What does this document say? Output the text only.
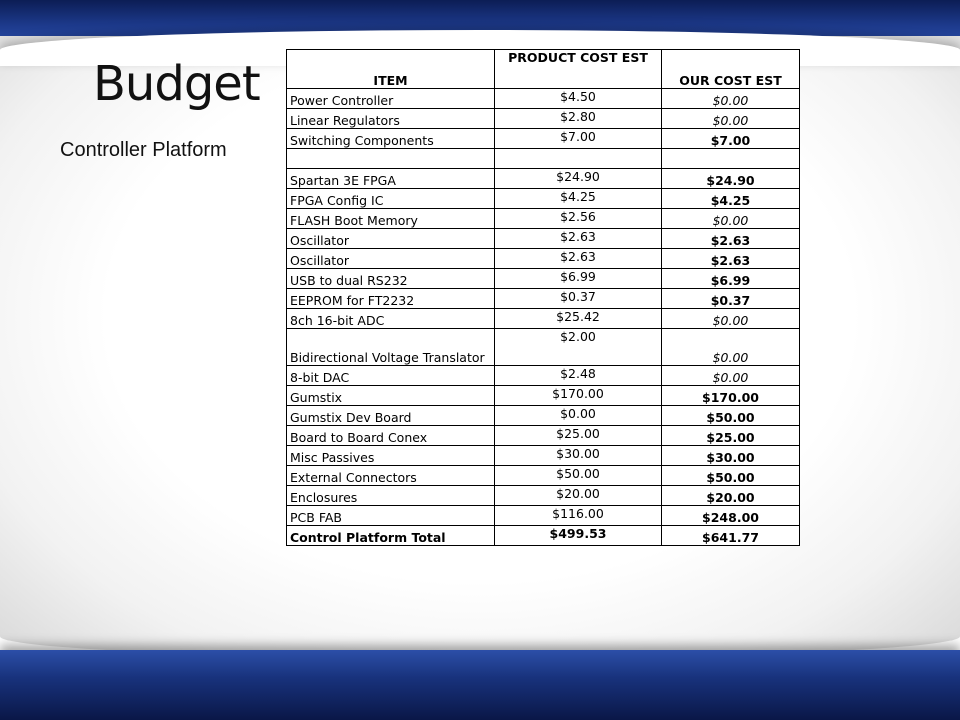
Budget
Controller Platform
ITEM	PRODUCT COST EST	OUR COST EST
Power Controller	$4.50	$0.00
Linear Regulators	$2.80	$0.00
Switching Components	$7.00	$7.00

Spartan 3E FPGA	$24.90	$24.90
FPGA Config IC	$4.25	$4.25
FLASH Boot Memory	$2.56	$0.00
Oscillator	$2.63	$2.63
Oscillator	$2.63	$2.63
USB to dual RS232	$6.99	$6.99
EEPROM for FT2232	$0.37	$0.37
8ch 16-bit ADC	$25.42	$0.00
Bidirectional Voltage Translator	$2.00	$0.00
8-bit DAC	$2.48	$0.00
Gumstix	$170.00	$170.00
Gumstix Dev Board	$0.00	$50.00
Board to Board Conex	$25.00	$25.00
Misc Passives	$30.00	$30.00
External Connectors	$50.00	$50.00
Enclosures	$20.00	$20.00
PCB FAB	$116.00	$248.00
Control Platform Total	$499.53	$641.77
